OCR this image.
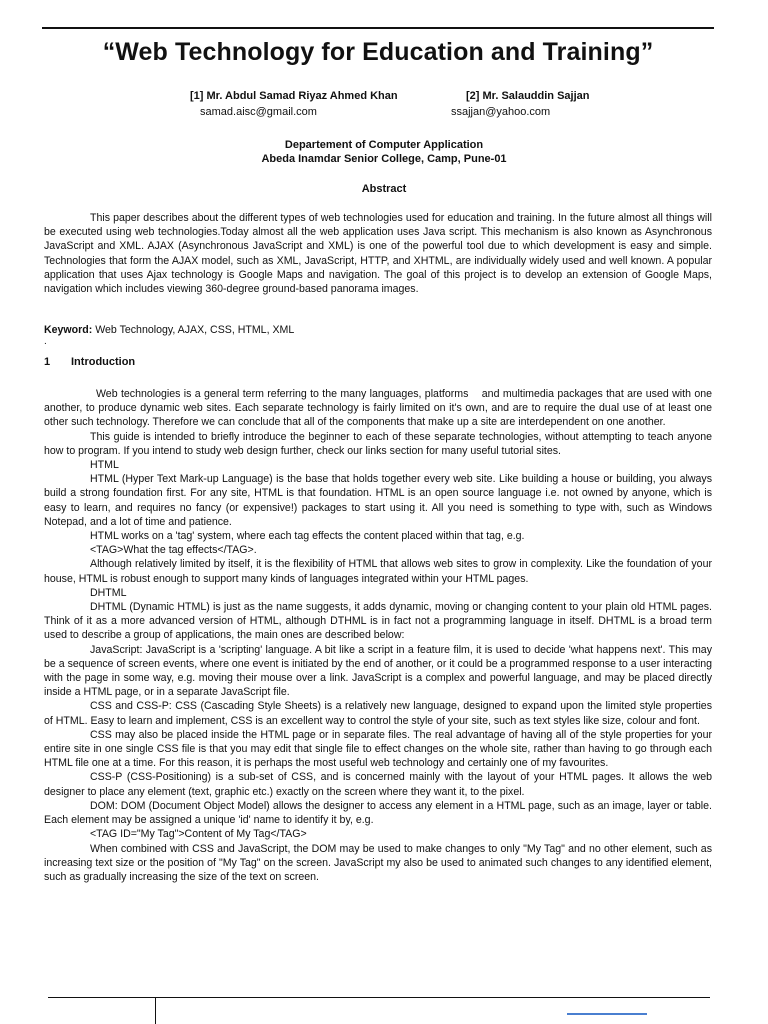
“Web Technology for Education and Training”
[1] Mr. Abdul Samad Riyaz Ahmed Khan
samad.aisc@gmail.com
[2] Mr. Salauddin Sajjan
ssajjan@yahoo.com
Departement of Computer Application
Abeda Inamdar Senior College, Camp, Pune-01
Abstract

This paper describes about the different types of web technologies used for education and training. In the future almost all things will be executed using web technologies.Today almost all the web application uses Java script. This mechanism is also known as Asynchronous JavaScript and XML. AJAX (Asynchronous JavaScript and XML) is one of the powerful tool due to which development is easy and simple. Technologies that form the AJAX model, such as XML, JavaScript, HTTP, and XHTML, are individually widely used and well known. A popular application that uses Ajax technology is Google Maps and navigation. The goal of this project is to develop an extension of Google Maps, navigation which includes viewing 360-degree ground-based panorama images.

Keyword: Web Technology, AJAX, CSS, HTML, XML

.
1 Introduction

Web technologies is a general term referring to the many languages, platforms    and multimedia packages that are used with one another, to produce dynamic web sites. Each separate technology is fairly limited on it's own, and are to require the dual use of at least one other such technology. Therefore we can conclude that all of the components that make up a site are interdependent on one another.

This guide is intended to briefly introduce the beginner to each of these separate technologies, without attempting to teach anyone how to program. If you intend to study web design further, check our links section for many useful tutorial sites.

HTML

HTML (Hyper Text Mark-up Language) is the base that holds together every web site. Like building a house or building, you always build a strong foundation first. For any site, HTML is that foundation. HTML is an open source language i.e. not owned by anyone, which is easy to learn, and requires no fancy (or expensive!) packages to start using it. All you need is something to type with, such as Windows Notepad, and a lot of time and patience.

HTML works on a 'tag' system, where each tag effects the content placed within that tag, e.g.

<TAG>What the tag effects</TAG>.

Although relatively limited by itself, it is the flexibility of HTML that allows web sites to grow in complexity. Like the foundation of your house, HTML is robust enough to support many kinds of languages integrated within your HTML pages.

DHTML

DHTML (Dynamic HTML) is just as the name suggests, it adds dynamic, moving or changing content to your plain old HTML pages. Think of it as a more advanced version of HTML, although DTHML is in fact not a programming language in itself. DHTML is a broad term used to describe a group of applications, the main ones are described below:

JavaScript: JavaScript is a 'scripting' language. A bit like a script in a feature film, it is used to decide 'what happens next'. This may be a sequence of screen events, where one event is initiated by the end of another, or it could be a programmed response to a user interacting with the page in some way, e.g. moving their mouse over a link. JavaScript is a complex and powerful language, and may be placed directly inside a HTML page, or in a separate JavaScript file.

CSS and CSS-P: CSS (Cascading Style Sheets) is a relatively new language, designed to expand upon the limited style properties of HTML. Easy to learn and implement, CSS is an excellent way to control the style of your site, such as text styles like size, colour and font.

CSS may also be placed inside the HTML page or in separate files. The real advantage of having all of the style properties for your entire site in one single CSS file is that you may edit that single file to effect changes on the whole site, rather than having to go through each HTML file one at a time. For this reason, it is perhaps the most useful web technology and certainly one of my favourites.

CSS-P (CSS-Positioning) is a sub-set of CSS, and is concerned mainly with the layout of your HTML pages. It allows the web designer to place any element (text, graphic etc.) exactly on the screen where they want it, to the pixel.

DOM: DOM (Document Object Model) allows the designer to access any element in a HTML page, such as an image, layer or table. Each element may be assigned a unique 'id' name to identify it by, e.g.

<TAG ID="My Tag">Content of My Tag</TAG>

When combined with CSS and JavaScript, the DOM may be used to make changes to only "My Tag" and no other element, such as increasing text size or the position of "My Tag" on the screen. JavaScript my also be used to animated such changes to any identified element, such as gradually increasing the size of the text on screen.
